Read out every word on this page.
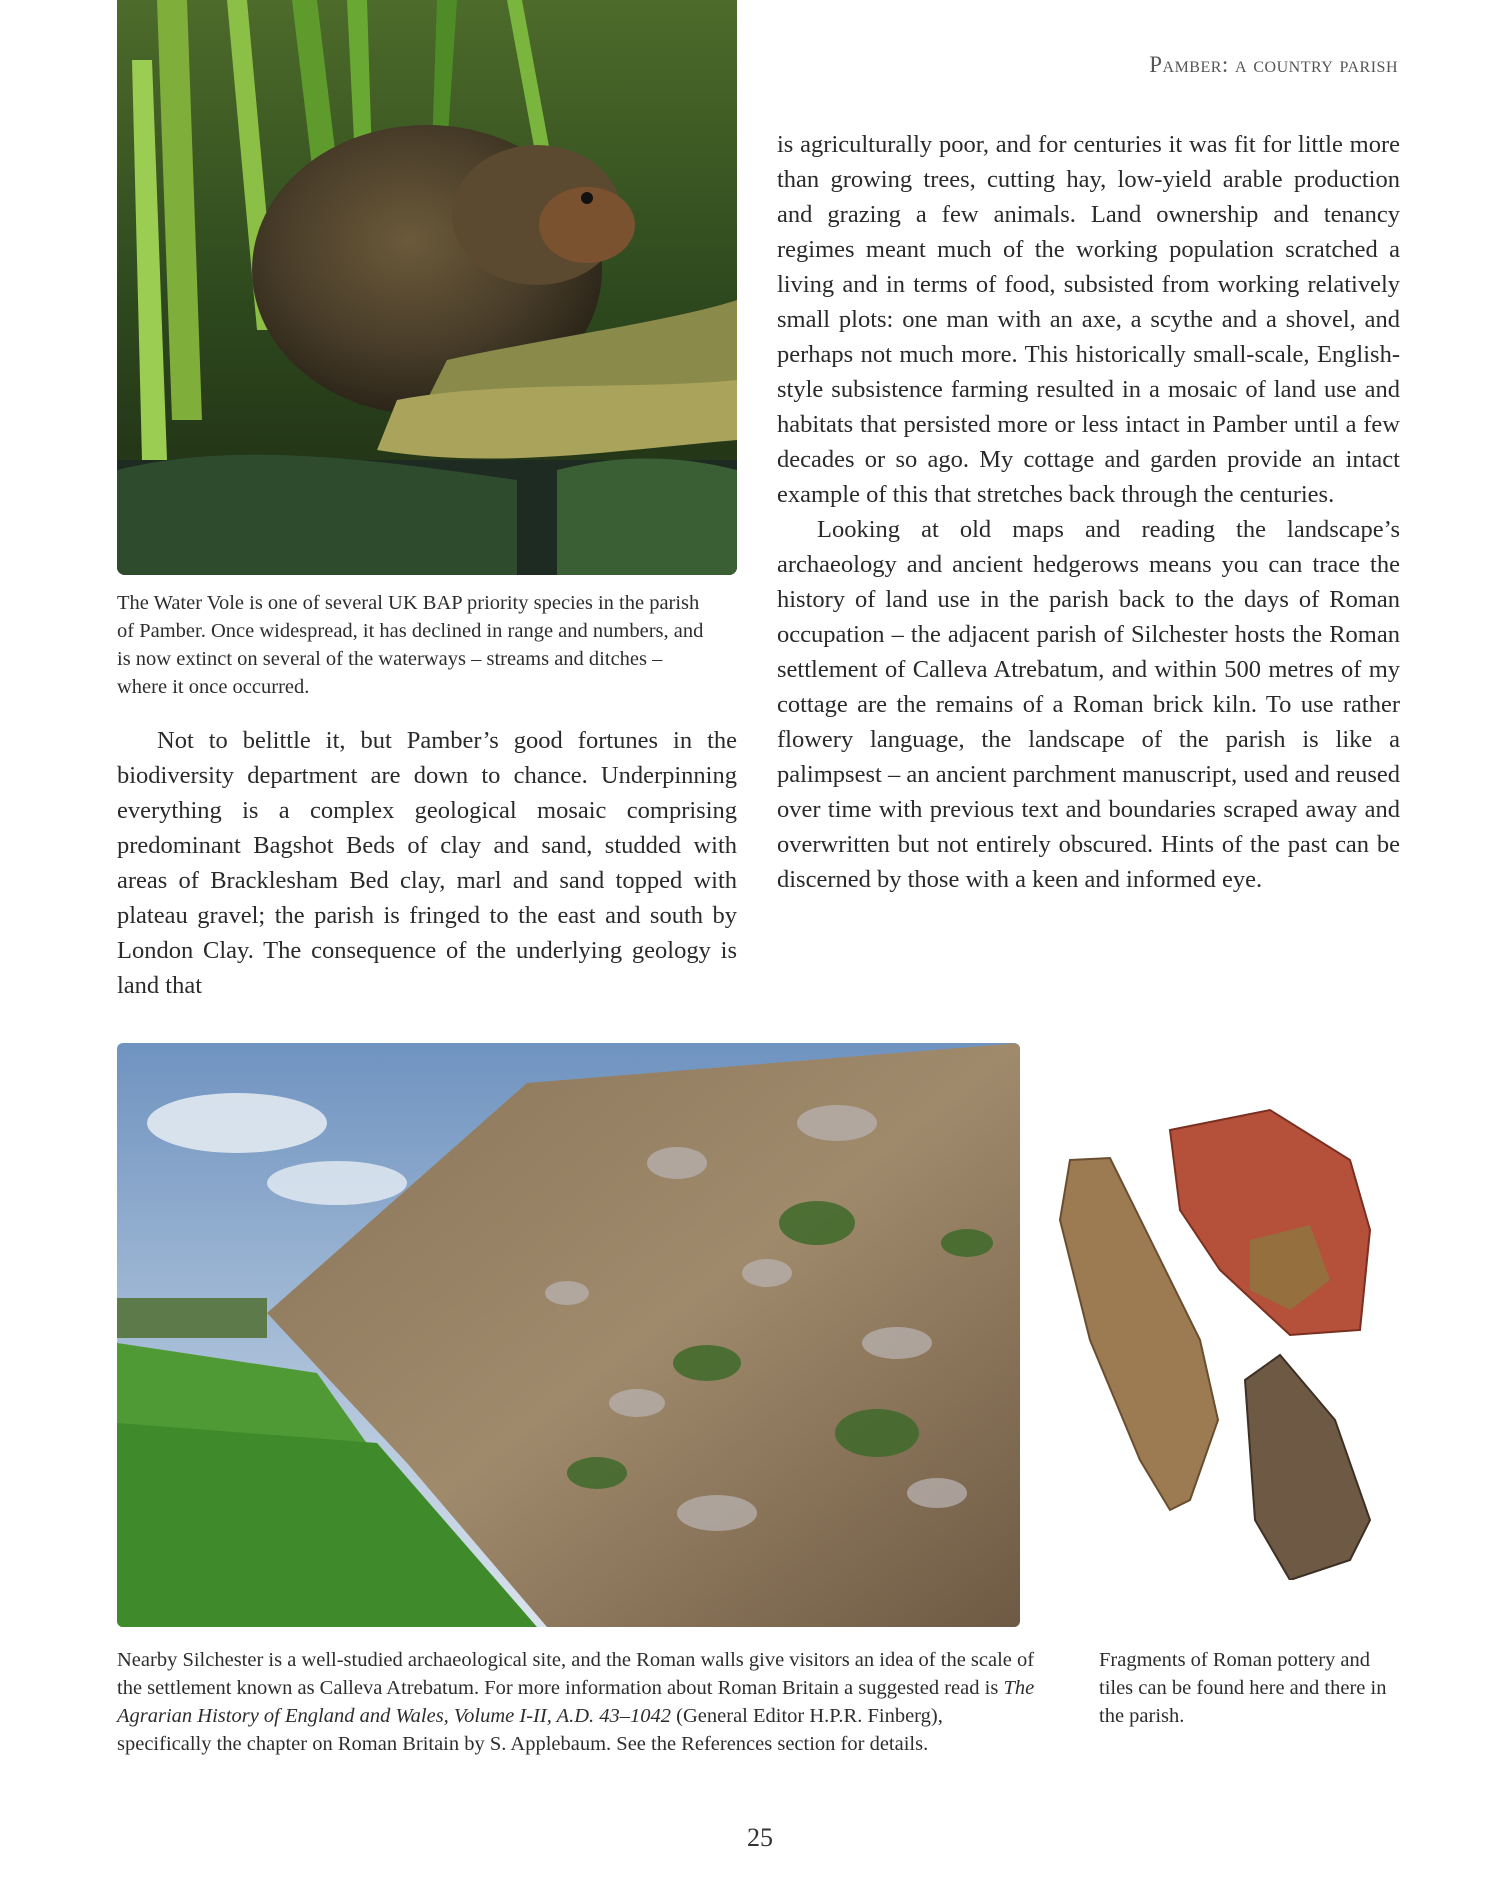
Pamber: a country parish
The Water Vole is one of several UK BAP priority species in the parish of Pamber. Once widespread, it has declined in range and numbers, and is now extinct on several of the waterways – streams and ditches – where it once occurred.

Not to belittle it, but Pamber’s good fortunes in the biodiversity department are down to chance. Underpinning everything is a complex geological mosaic comprising predominant Bagshot Beds of clay and sand, studded with areas of Bracklesham Bed clay, marl and sand topped with plateau gravel; the parish is fringed to the east and south by London Clay. The consequence of the underlying geology is land that

is agriculturally poor, and for centuries it was fit for little more than growing trees, cutting hay, low-yield arable production and grazing a few animals. Land ownership and tenancy regimes meant much of the working population scratched a living and in terms of food, subsisted from working relatively small plots: one man with an axe, a scythe and a shovel, and perhaps not much more. This historically small-scale, English-style subsistence farming resulted in a mosaic of land use and habitats that persisted more or less intact in Pamber until a few decades or so ago. My cottage and garden provide an intact example of this that stretches back through the centuries.

Looking at old maps and reading the landscape’s archaeology and ancient hedgerows means you can trace the history of land use in the parish back to the days of Roman occupation – the adjacent parish of Silchester hosts the Roman settlement of Calleva Atrebatum, and within 500 metres of my cottage are the remains of a Roman brick kiln. To use rather flowery language, the landscape of the parish is like a palimpsest – an ancient parchment manuscript, used and reused over time with previous text and boundaries scraped away and overwritten but not entirely obscured. Hints of the past can be discerned by those with a keen and informed eye.

Nearby Silchester is a well-studied archaeological site, and the Roman walls give visitors an idea of the scale of the settlement known as Calleva Atrebatum. For more information about Roman Britain a suggested read is The Agrarian History of England and Wales, Volume I-II, A.D. 43–1042 (General Editor H.P.R. Finberg), specifically the chapter on Roman Britain by S. Applebaum. See the References section for details.
Fragments of Roman pottery and tiles can be found here and there in the parish.
25
